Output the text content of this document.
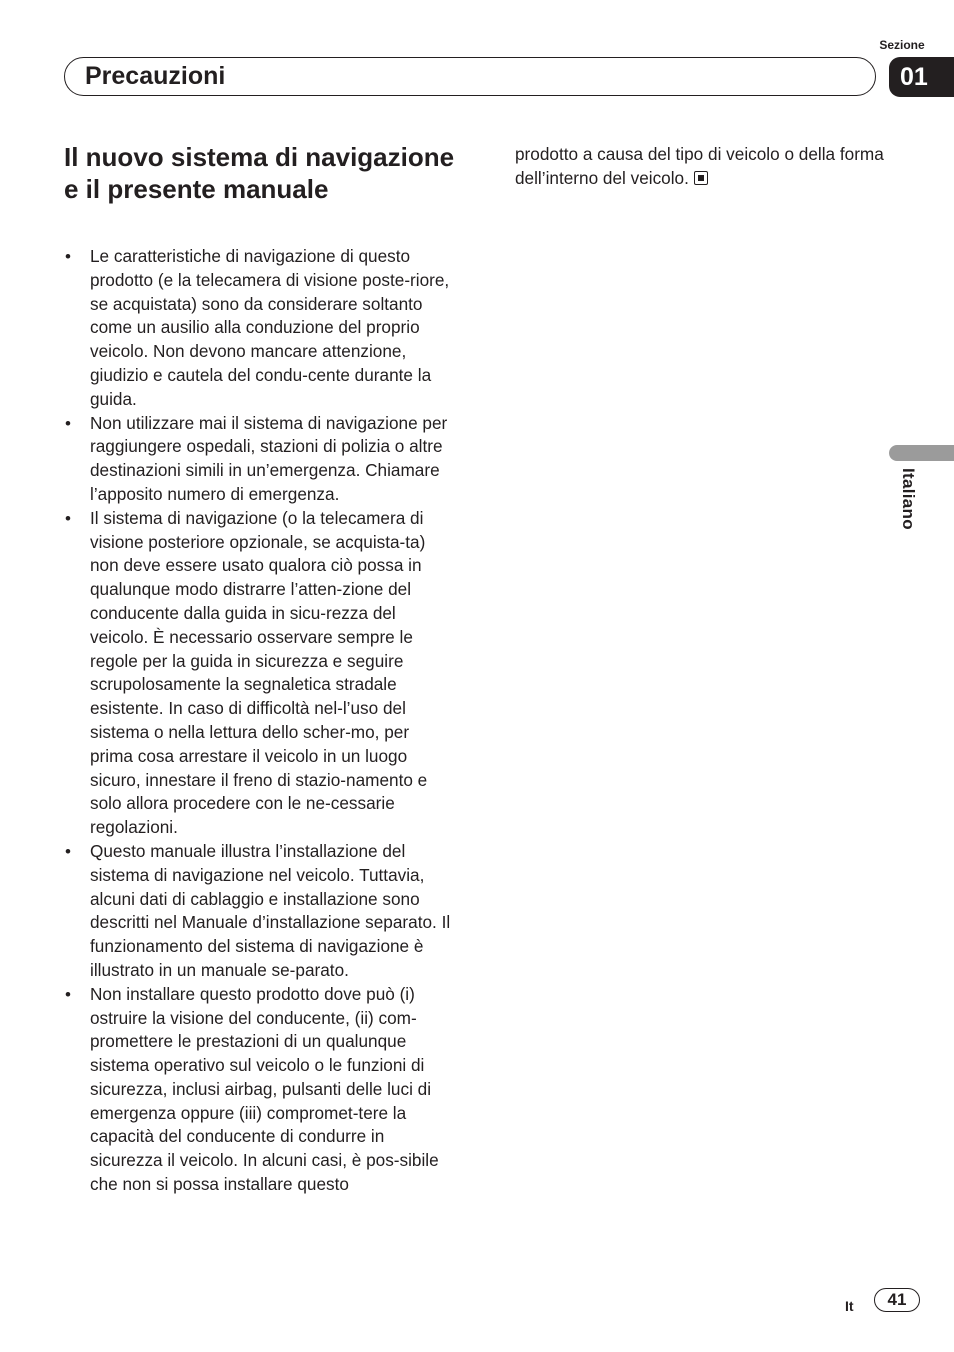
Sezione
01
Precauzioni
Il nuovo sistema di navigazione e il presente manuale
• Le caratteristiche di navigazione di questo prodotto (e la telecamera di visione poste-riore, se acquistata) sono da considerare soltanto come un ausilio alla conduzione del proprio veicolo. Non devono mancare attenzione, giudizio e cautela del condu-cente durante la guida.
• Non utilizzare mai il sistema di navigazione per raggiungere ospedali, stazioni di polizia o altre destinazioni simili in un’emergenza. Chiamare l’apposito numero di emergenza.
• Il sistema di navigazione (o la telecamera di visione posteriore opzionale, se acquista-ta) non deve essere usato qualora ciò possa in qualunque modo distrarre l’atten-zione del conducente dalla guida in sicu-rezza del veicolo. È necessario osservare sempre le regole per la guida in sicurezza e seguire scrupolosamente la segnaletica stradale esistente. In caso di difficoltà nel-l’uso del sistema o nella lettura dello scher-mo, per prima cosa arrestare il veicolo in un luogo sicuro, innestare il freno di stazio-namento e solo allora procedere con le ne-cessarie regolazioni.
• Questo manuale illustra l’installazione del sistema di navigazione nel veicolo. Tuttavia, alcuni dati di cablaggio e installazione sono descritti nel Manuale d’installazione separato. Il funzionamento del sistema di navigazione è illustrato in un manuale se-parato.
• Non installare questo prodotto dove può (i) ostruire la visione del conducente, (ii) com-promettere le prestazioni di un qualunque sistema operativo sul veicolo o le funzioni di sicurezza, inclusi airbag, pulsanti delle luci di emergenza oppure (iii) compromet-tere la capacità del conducente di condurre in sicurezza il veicolo. In alcuni casi, è pos-sibile che non si possa installare questo

prodotto a causa del tipo di veicolo o della forma dell’interno del veicolo.

Italiano
It	41
